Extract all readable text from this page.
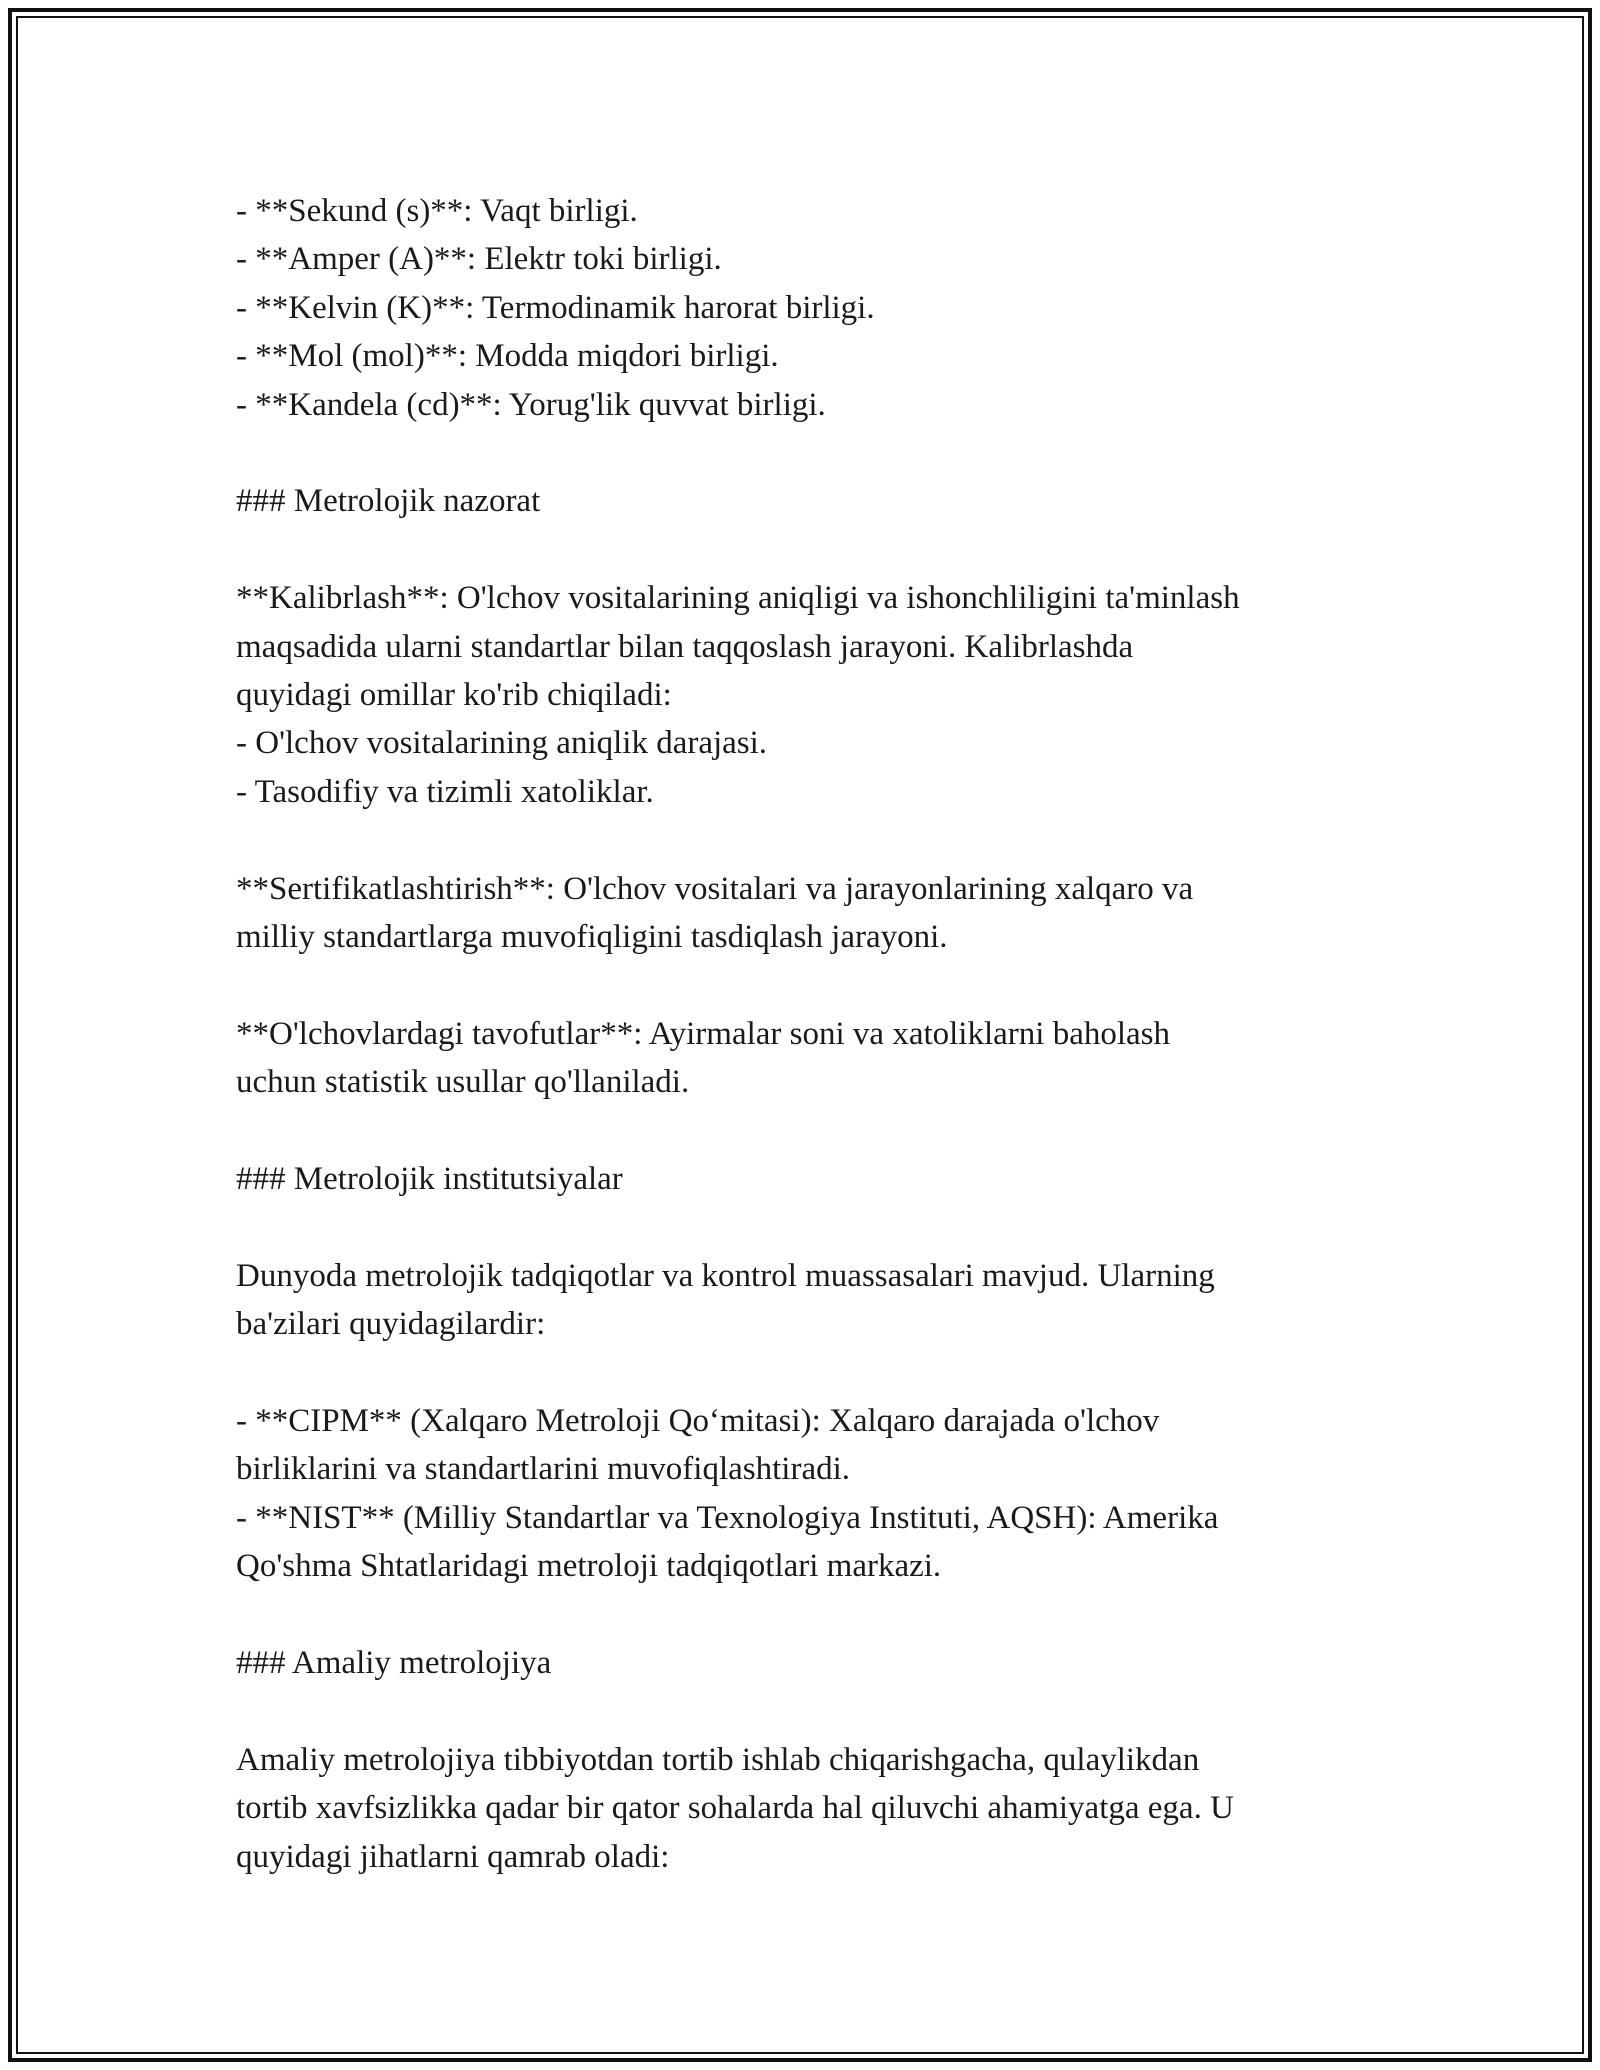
- **Sekund (s)**: Vaqt birligi.

- **Amper (A)**: Elektr toki birligi.

- **Kelvin (K)**: Termodinamik harorat birligi.

- **Mol (mol)**: Modda miqdori birligi.

- **Kandela (cd)**: Yorug'lik quvvat birligi.

### Metrolojik nazorat

**Kalibrlash**: O'lchov vositalarining aniqligi va ishonchliligini ta'minlash

maqsadida ularni standartlar bilan taqqoslash jarayoni. Kalibrlashda

quyidagi omillar ko'rib chiqiladi:

- O'lchov vositalarining aniqlik darajasi.

- Tasodifiy va tizimli xatoliklar.

**Sertifikatlashtirish**: O'lchov vositalari va jarayonlarining xalqaro va

milliy standartlarga muvofiqligini tasdiqlash jarayoni.

**O'lchovlardagi tavofutlar**: Ayirmalar soni va xatoliklarni baholash

uchun statistik usullar qo'llaniladi.

### Metrolojik institutsiyalar

Dunyoda metrolojik tadqiqotlar va kontrol muassasalari mavjud. Ularning

ba'zilari quyidagilardir:

- **CIPM** (Xalqaro Metroloji Qo‘mitasi): Xalqaro darajada o'lchov

birliklarini va standartlarini muvofiqlashtiradi.

- **NIST** (Milliy Standartlar va Texnologiya Instituti, AQSH): Amerika

Qo'shma Shtatlaridagi metroloji tadqiqotlari markazi.

### Amaliy metrolojiya

Amaliy metrolojiya tibbiyotdan tortib ishlab chiqarishgacha, qulaylikdan

tortib xavfsizlikka qadar bir qator sohalarda hal qiluvchi ahamiyatga ega. U

quyidagi jihatlarni qamrab oladi:
